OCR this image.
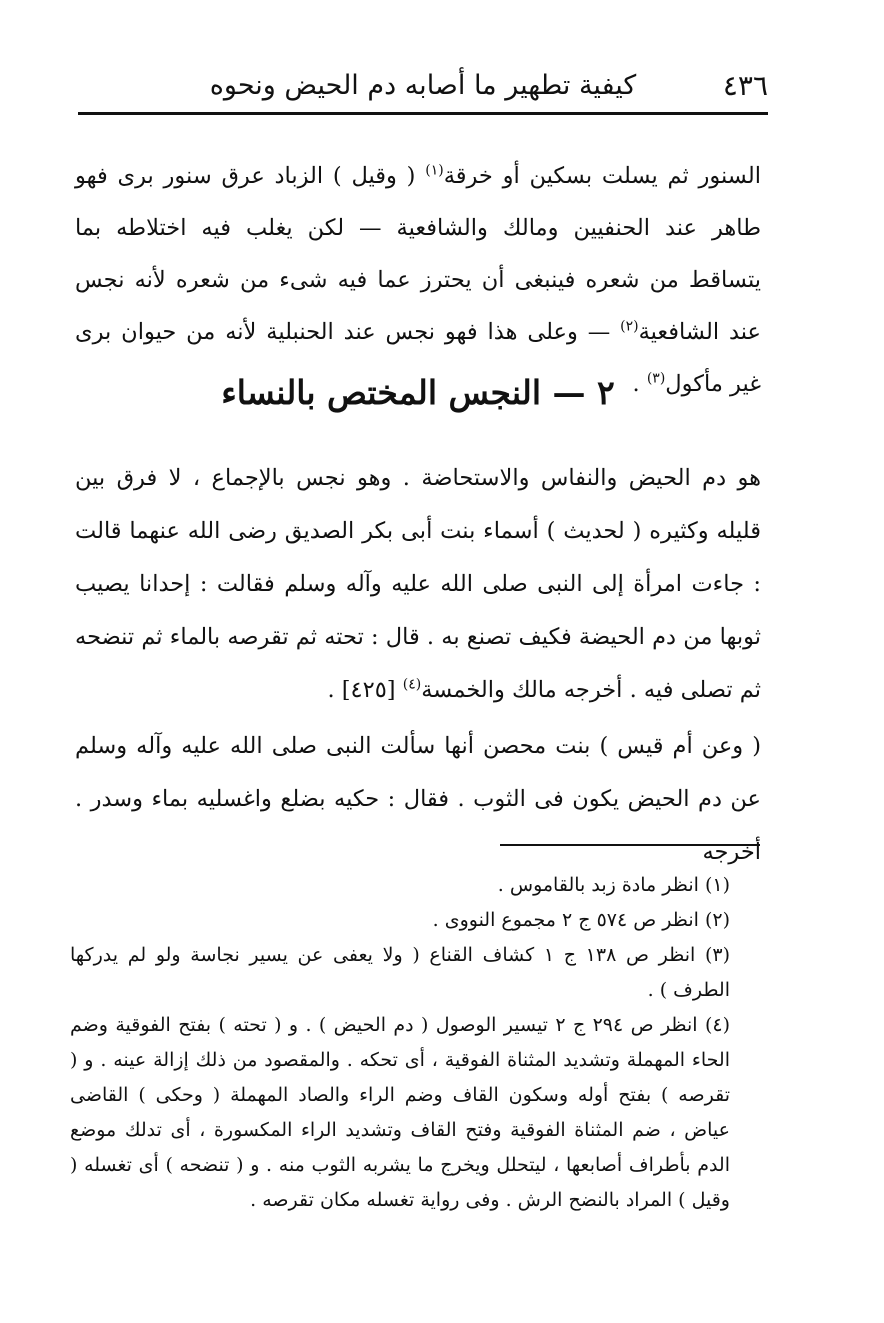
٤٣٦
كيفية تطهير ما أصابه دم الحيض ونحوه

السنور ثم يسلت بسكين أو خرقة$^{(١)}$ ( وقيل ) الزباد عرق سنور برى فهو طاهر عند الحنفيين ومالك والشافعية — لكن يغلب فيه اختلاطه بما يتساقط من شعره فينبغى أن يحترز عما فيه شىء من شعره لأنه نجس عند الشافعية$^{(٢)}$ — وعلى هذا فهو نجس عند الحنبلية لأنه من حيوان برى غير مأكول$^{(٣)}$ .

٢ — النجس المختص بالنساء

هو دم الحيض والنفاس والاستحاضة . وهو نجس بالإجماع ، لا فرق بين قليله وكثيره ( لحديث ) أسماء بنت أبى بكر الصديق رضى الله عنهما قالت : جاءت امرأة إلى النبى صلى الله عليه وآله وسلم فقالت : إحدانا يصيب ثوبها من دم الحيضة فكيف تصنع به . قال : تحته ثم تقرصه بالماء ثم تنضحه ثم تصلى فيه . أخرجه مالك والخمسة$^{(٤)}$ [٤٢٥] .

( وعن أم قيس ) بنت محصن أنها سألت النبى صلى الله عليه وآله وسلم عن دم الحيض يكون فى الثوب . فقال : حكيه بضلع واغسليه بماء وسدر . أخرجه

(١) انظر مادة زبد بالقاموس .

(٢) انظر ص ٥٧٤ ج ٢ مجموع النووى .

(٣) انظر ص ١٣٨ ج ١ كشاف القناع ( ولا يعفى عن يسير نجاسة ولو لم يدركها الطرف ) .

(٤) انظر ص ٢٩٤ ج ٢ تيسير الوصول ( دم الحيض ) . و ( تحته ) بفتح الفوقية وضم الحاء المهملة وتشديد المثناة الفوقية ، أى تحكه . والمقصود من ذلك إزالة عينه . و ( تقرصه ) بفتح أوله وسكون القاف وضم الراء والصاد المهملة ( وحكى ) القاضى عياض ، ضم المثناة الفوقية وفتح القاف وتشديد الراء المكسورة ، أى تدلك موضع الدم بأطراف أصابعها ، ليتحلل ويخرج ما يشربه الثوب منه . و ( تنضحه ) أى تغسله ( وقيل ) المراد بالنضح الرش . وفى رواية تغسله مكان تقرصه .
